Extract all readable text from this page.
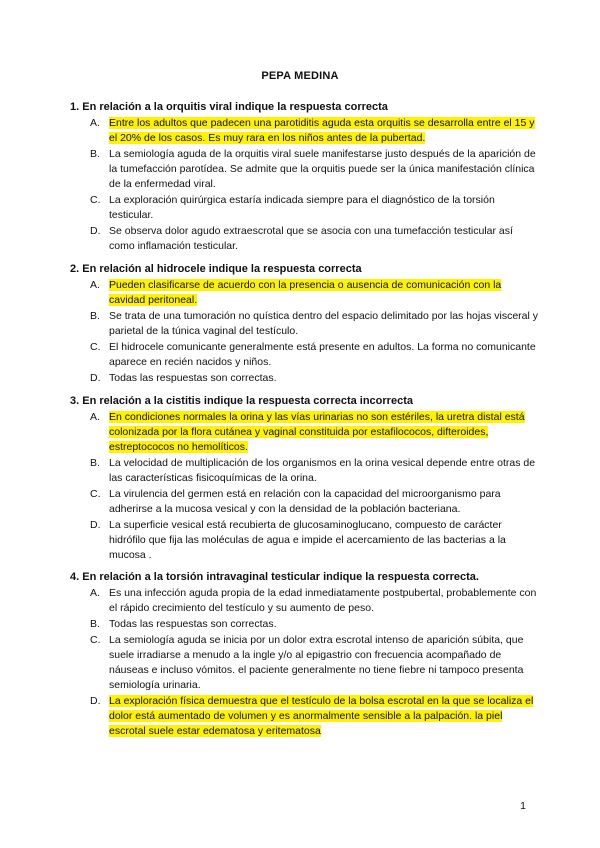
PEPA MEDINA
1. En relación a la orquitis viral indique la respuesta correcta
A. Entre los adultos que padecen una parotiditis aguda esta orquitis se desarrolla entre el 15 y el 20% de los casos. Es muy rara en los niños antes de la pubertad.
B. La semiología aguda de la orquitis viral suele manifestarse justo después de la aparición de la tumefacción parotídea. Se admite que la orquitis puede ser la única manifestación clínica de la enfermedad viral.
C. La exploración quirúrgica estaría indicada siempre para el diagnóstico de la torsión testicular.
D. Se observa dolor agudo extraescrotal que se asocia con una tumefacción testicular así como inflamación testicular.
2. En relación al hidrocele indique la respuesta correcta
A. Pueden clasificarse de acuerdo con la presencia o ausencia de comunicación con la cavidad peritoneal.
B. Se trata de una tumoración no quística dentro del espacio delimitado por las hojas visceral y parietal de la túnica vaginal del testículo.
C. El hidrocele comunicante generalmente está presente en adultos. La forma no comunicante aparece en recién nacidos y niños.
D. Todas las respuestas son correctas.
3. En relación a la cistitis indique la respuesta correcta incorrecta
A. En condiciones normales la orina y las vías urinarias no son estériles, la uretra distal está colonizada por la flora cutánea y vaginal constituida por estafilococos, difteroides, estreptococos no hemolíticos.
B. La velocidad de multiplicación de los organismos en la orina vesical depende entre otras de las características fisicoquímicas de la orina.
C. La virulencia del germen está en relación con la capacidad del microorganismo para adherirse a la mucosa vesical y con la densidad de la población bacteriana.
D. La superficie vesical está recubierta de glucosaminoglucano, compuesto de carácter hidrófilo que fija las moléculas de agua e impide el acercamiento de las bacterias a la mucosa .
4. En relación a la torsión intravaginal testicular indique la respuesta correcta.
A. Es una infección aguda propia de la edad inmediatamente postpubertal, probablemente con el rápido crecimiento del testículo y su aumento de peso.
B. Todas las respuestas son correctas.
C. La semiología aguda se inicia por un dolor extra escrotal intenso de aparición súbita, que suele irradiarse a menudo a la ingle y/o al epigastrio con frecuencia acompañado de náuseas e incluso vómitos. el paciente generalmente no tiene fiebre ni tampoco presenta semiología urinaria.
D. La exploración física demuestra que el testículo de la bolsa escrotal en la que se localiza el dolor está aumentado de volumen y es anormalmente sensible a la palpación. la piel escrotal suele estar edematosa y eritematosa
1
